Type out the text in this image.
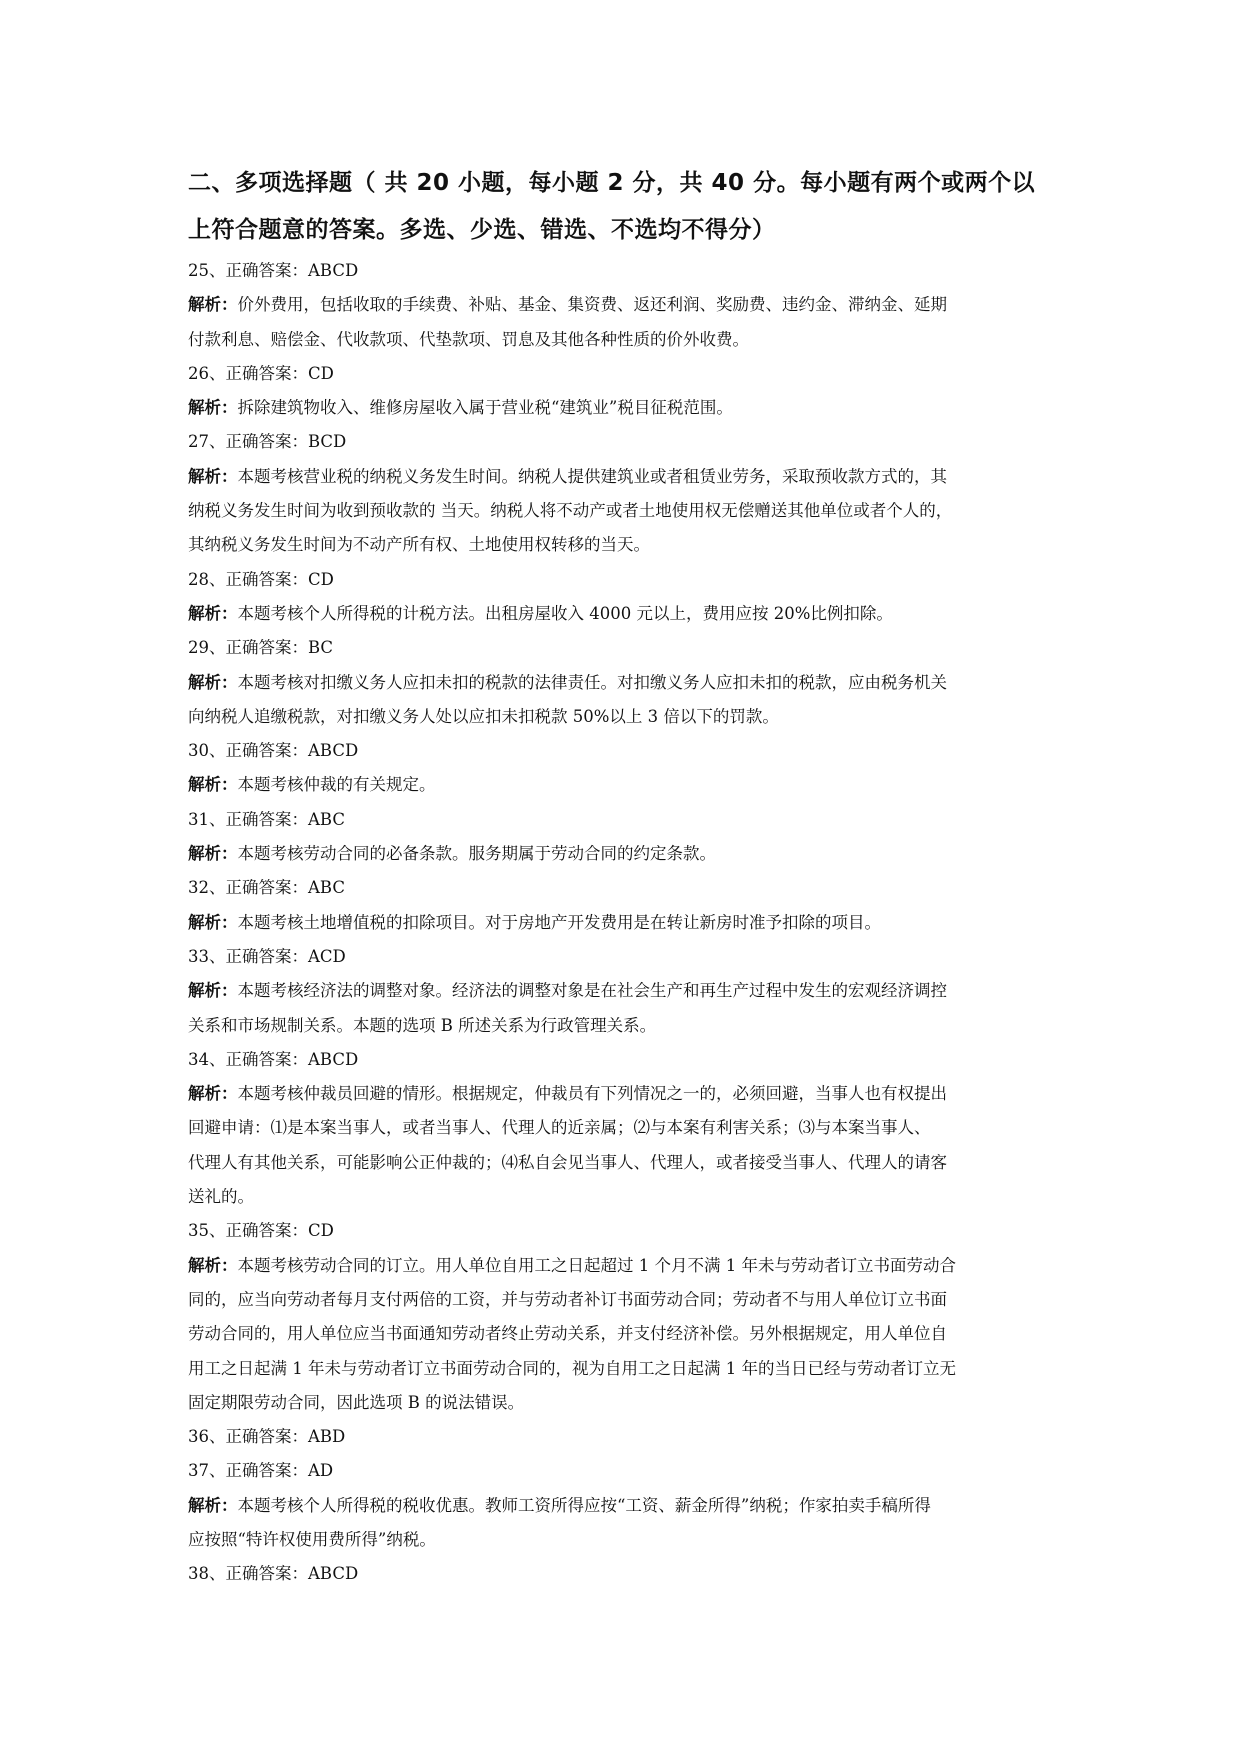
二、多项选择题（ 共 20 小题，每小题 2 分，共 40 分。每小题有两个或两个以
上符合题意的答案。多选、少选、错选、不选均不得分）

25、正确答案：ABCD

解析：价外费用，包括收取的手续费、补贴、基金、集资费、返还利润、奖励费、违约金、滞纳金、延期

付款利息、赔偿金、代收款项、代垫款项、罚息及其他各种性质的价外收费。

26、正确答案：CD

解析：拆除建筑物收入、维修房屋收入属于营业税“建筑业”税目征税范围。

27、正确答案：BCD

解析：本题考核营业税的纳税义务发生时间。纳税人提供建筑业或者租赁业劳务，采取预收款方式的，其

纳税义务发生时间为收到预收款的 当天。纳税人将不动产或者土地使用权无偿赠送其他单位或者个人的，

其纳税义务发生时间为不动产所有权、土地使用权转移的当天。

28、正确答案：CD

解析：本题考核个人所得税的计税方法。出租房屋收入 4000 元以上，费用应按 20%比例扣除。

29、正确答案：BC

解析：本题考核对扣缴义务人应扣未扣的税款的法律责任。对扣缴义务人应扣未扣的税款，应由税务机关

向纳税人追缴税款，对扣缴义务人处以应扣未扣税款 50%以上 3 倍以下的罚款。

30、正确答案：ABCD

解析：本题考核仲裁的有关规定。

31、正确答案：ABC

解析：本题考核劳动合同的必备条款。服务期属于劳动合同的约定条款。

32、正确答案：ABC

解析：本题考核土地增值税的扣除项目。对于房地产开发费用是在转让新房时准予扣除的项目。

33、正确答案：ACD

解析：本题考核经济法的调整对象。经济法的调整对象是在社会生产和再生产过程中发生的宏观经济调控

关系和市场规制关系。本题的选项 B 所述关系为行政管理关系。

34、正确答案：ABCD

解析：本题考核仲裁员回避的情形。根据规定，仲裁员有下列情况之一的，必须回避，当事人也有权提出

回避申请：⑴是本案当事人，或者当事人、代理人的近亲属；⑵与本案有利害关系；⑶与本案当事人、

代理人有其他关系，可能影响公正仲裁的；⑷私自会见当事人、代理人，或者接受当事人、代理人的请客

送礼的。

35、正确答案：CD

解析：本题考核劳动合同的订立。用人单位自用工之日起超过 1 个月不满 1 年未与劳动者订立书面劳动合

同的，应当向劳动者每月支付两倍的工资，并与劳动者补订书面劳动合同；劳动者不与用人单位订立书面

劳动合同的，用人单位应当书面通知劳动者终止劳动关系，并支付经济补偿。另外根据规定，用人单位自

用工之日起满 1 年未与劳动者订立书面劳动合同的，视为自用工之日起满 1 年的当日已经与劳动者订立无

固定期限劳动合同，因此选项 B 的说法错误。

36、正确答案：ABD

37、正确答案：AD

解析：本题考核个人所得税的税收优惠。教师工资所得应按“工资、薪金所得”纳税；作家拍卖手稿所得

应按照“特许权使用费所得”纳税。

38、正确答案：ABCD
